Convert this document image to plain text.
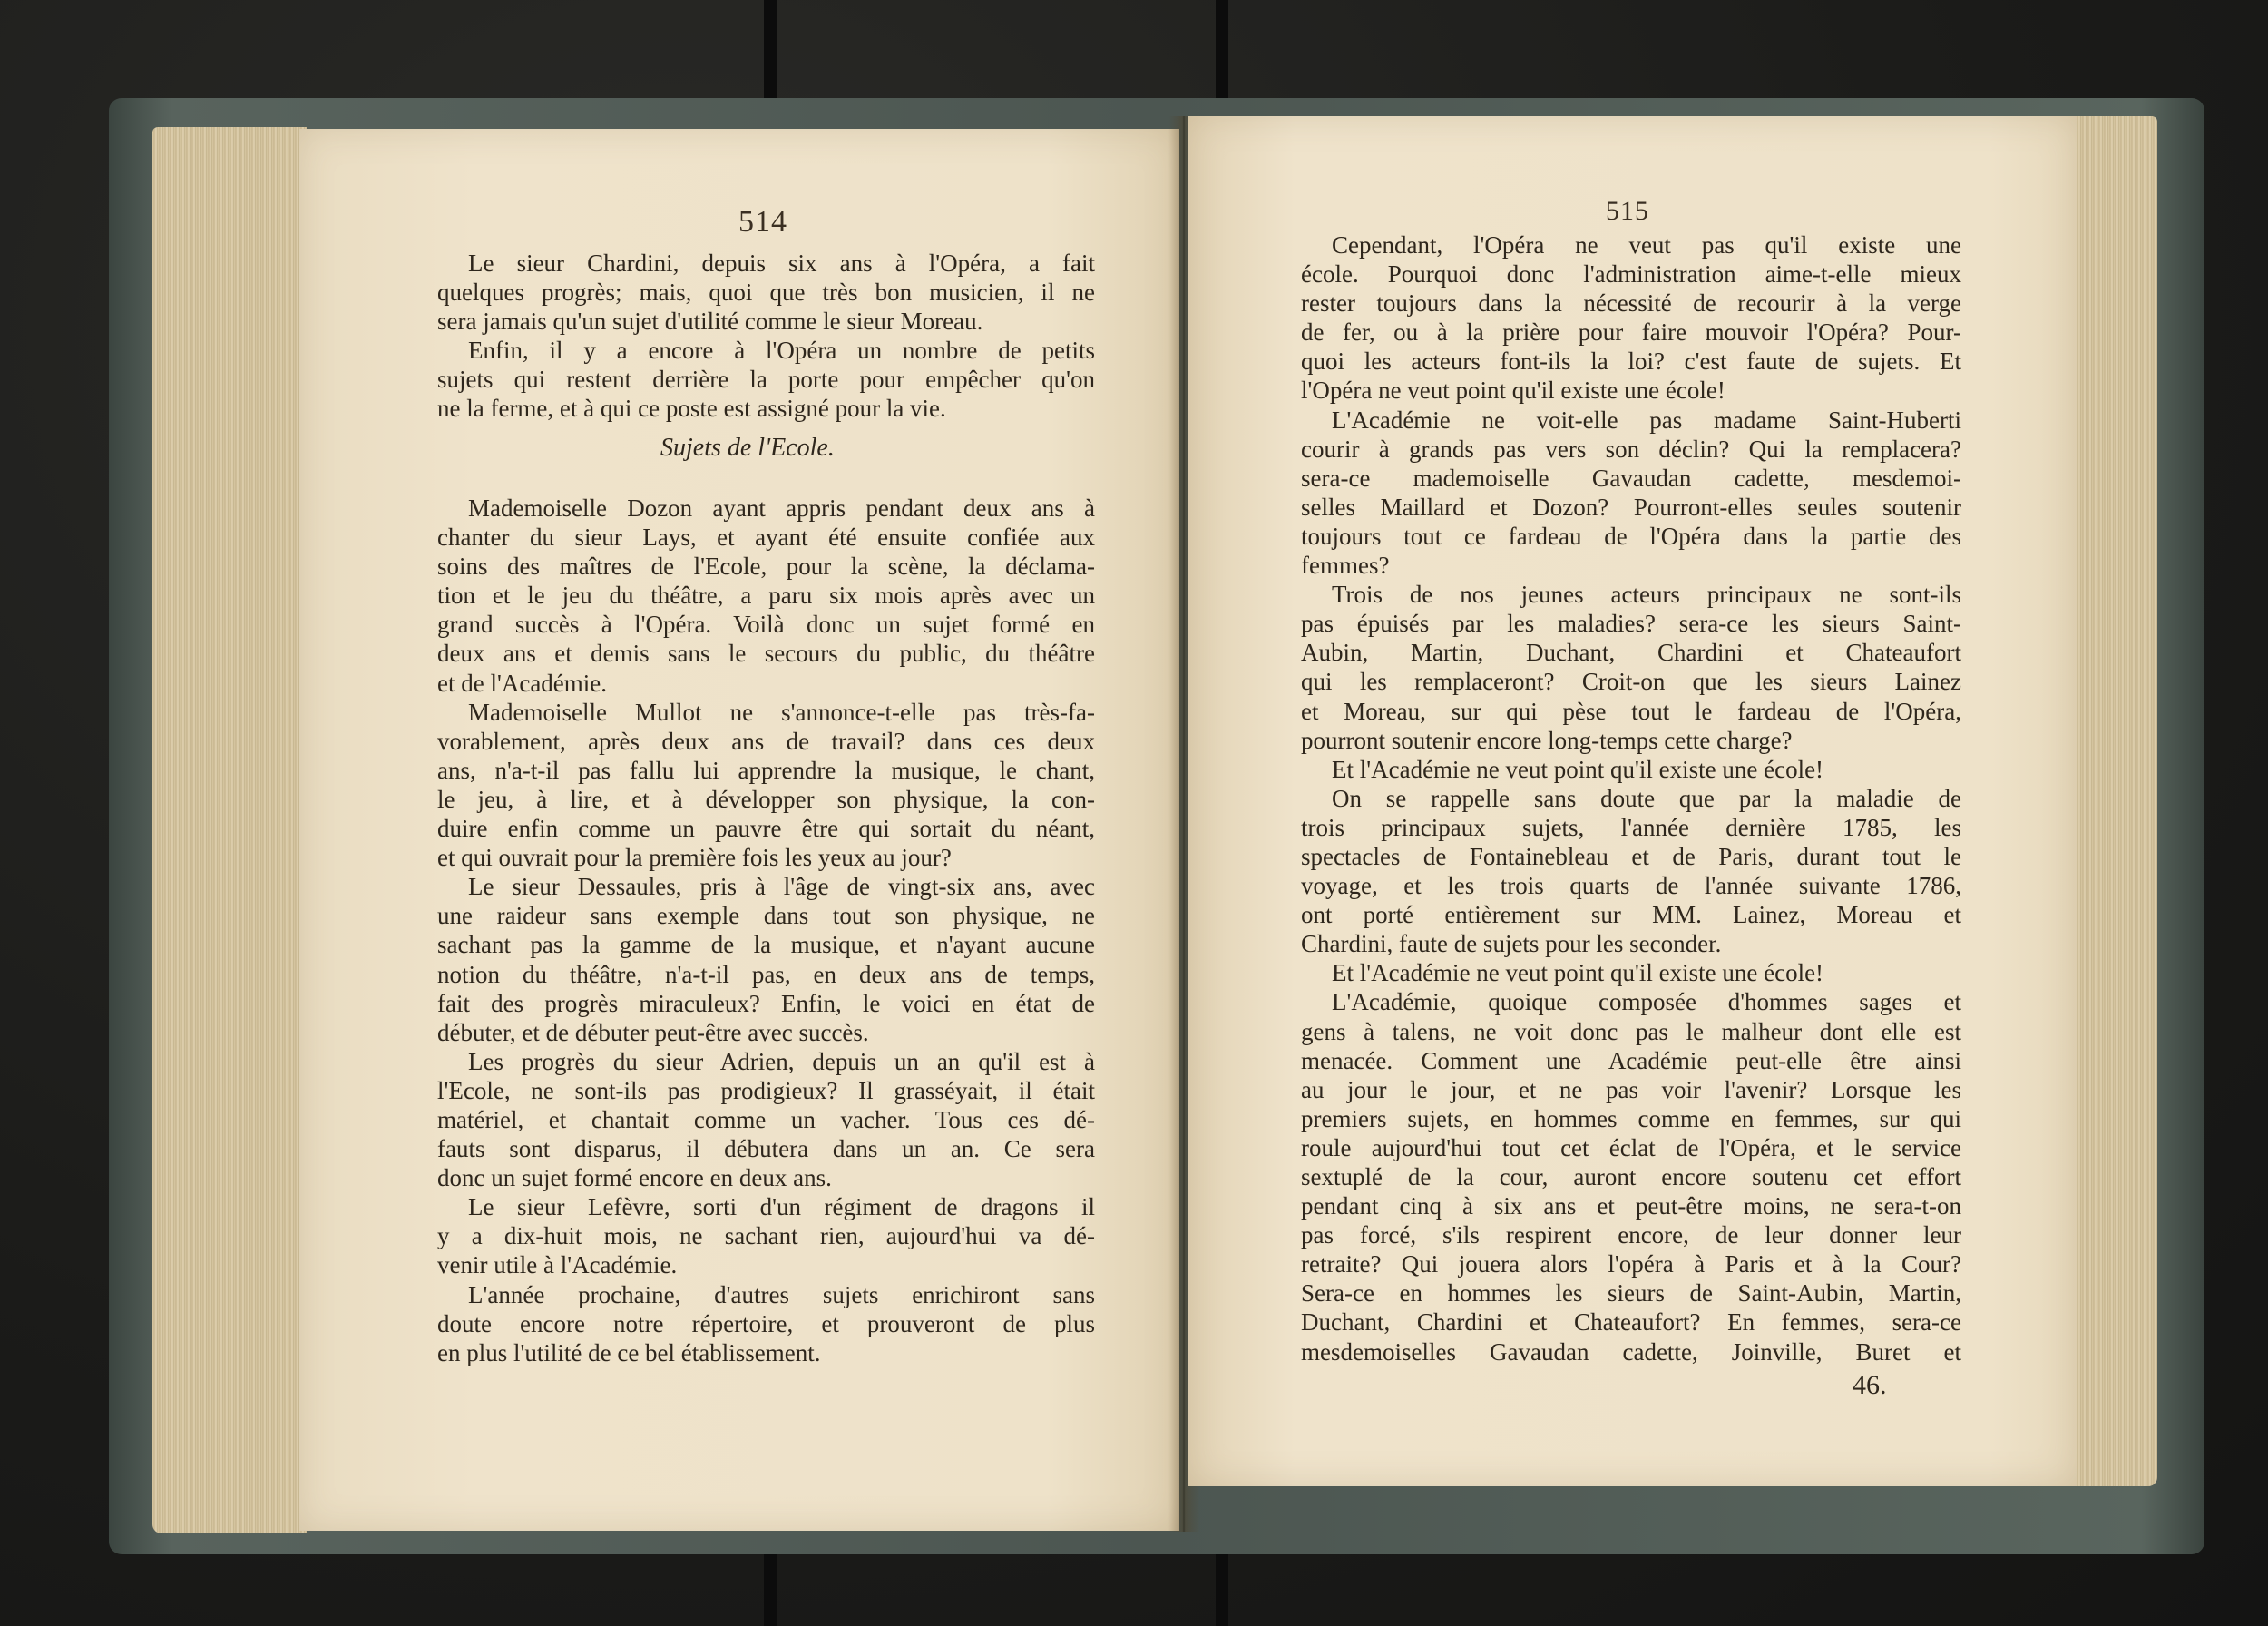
514
Le sieur Chardini, depuis six ans à l'Opéra, a fait
quelques progrès; mais, quoi que très bon musicien, il ne
sera jamais qu'un sujet d'utilité comme le sieur Moreau.
Enfin, il y a encore à l'Opéra un nombre de petits
sujets qui restent derrière la porte pour empêcher qu'on
ne la ferme, et à qui ce poste est assigné pour la vie.
Sujets de l'Ecole.
Mademoiselle Dozon ayant appris pendant deux ans à
chanter du sieur Lays, et ayant été ensuite confiée aux
soins des maîtres de l'Ecole, pour la scène, la déclama-
tion et le jeu du théâtre, a paru six mois après avec un
grand succès à l'Opéra. Voilà donc un sujet formé en
deux ans et demis sans le secours du public, du théâtre
et de l'Académie.
Mademoiselle Mullot ne s'annonce-t-elle pas très-fa-
vorablement, après deux ans de travail? dans ces deux
ans, n'a-t-il pas fallu lui apprendre la musique, le chant,
le jeu, à lire, et à développer son physique, la con-
duire enfin comme un pauvre être qui sortait du néant,
et qui ouvrait pour la première fois les yeux au jour?
Le sieur Dessaules, pris à l'âge de vingt-six ans, avec
une raideur sans exemple dans tout son physique, ne
sachant pas la gamme de la musique, et n'ayant aucune
notion du théâtre, n'a-t-il pas, en deux ans de temps,
fait des progrès miraculeux? Enfin, le voici en état de
débuter, et de débuter peut-être avec succès.
Les progrès du sieur Adrien, depuis un an qu'il est à
l'Ecole, ne sont-ils pas prodigieux? Il grasséyait, il était
matériel, et chantait comme un vacher. Tous ces dé-
fauts sont disparus, il débutera dans un an. Ce sera
donc un sujet formé encore en deux ans.
Le sieur Lefèvre, sorti d'un régiment de dragons il
y a dix-huit mois, ne sachant rien, aujourd'hui va dé-
venir utile à l'Académie.
L'année prochaine, d'autres sujets enrichiront sans
doute encore notre répertoire, et prouveront de plus
en plus l'utilité de ce bel établissement.
515
Cependant, l'Opéra ne veut pas qu'il existe une
école. Pourquoi donc l'administration aime-t-elle mieux
rester toujours dans la nécessité de recourir à la verge
de fer, ou à la prière pour faire mouvoir l'Opéra? Pour-
quoi les acteurs font-ils la loi? c'est faute de sujets. Et
l'Opéra ne veut point qu'il existe une école!
L'Académie ne voit-elle pas madame Saint-Huberti
courir à grands pas vers son déclin? Qui la remplacera?
sera-ce mademoiselle Gavaudan cadette, mesdemoi-
selles Maillard et Dozon? Pourront-elles seules soutenir
toujours tout ce fardeau de l'Opéra dans la partie des
femmes?
Trois de nos jeunes acteurs principaux ne sont-ils
pas épuisés par les maladies? sera-ce les sieurs Saint-
Aubin, Martin, Duchant, Chardini et Chateaufort
qui les remplaceront? Croit-on que les sieurs Lainez
et Moreau, sur qui pèse tout le fardeau de l'Opéra,
pourront soutenir encore long-temps cette charge?
Et l'Académie ne veut point qu'il existe une école!
On se rappelle sans doute que par la maladie de
trois principaux sujets, l'année dernière 1785, les
spectacles de Fontainebleau et de Paris, durant tout le
voyage, et les trois quarts de l'année suivante 1786,
ont porté entièrement sur MM. Lainez, Moreau et
Chardini, faute de sujets pour les seconder.
Et l'Académie ne veut point qu'il existe une école!
L'Académie, quoique composée d'hommes sages et
gens à talens, ne voit donc pas le malheur dont elle est
menacée. Comment une Académie peut-elle être ainsi
au jour le jour, et ne pas voir l'avenir? Lorsque les
premiers sujets, en hommes comme en femmes, sur qui
roule aujourd'hui tout cet éclat de l'Opéra, et le service
sextuplé de la cour, auront encore soutenu cet effort
pendant cinq à six ans et peut-être moins, ne sera-t-on
pas forcé, s'ils respirent encore, de leur donner leur
retraite? Qui jouera alors l'opéra à Paris et à la Cour?
Sera-ce en hommes les sieurs de Saint-Aubin, Martin,
Duchant, Chardini et Chateaufort? En femmes, sera-ce
mesdemoiselles Gavaudan cadette, Joinville, Buret et
46.
